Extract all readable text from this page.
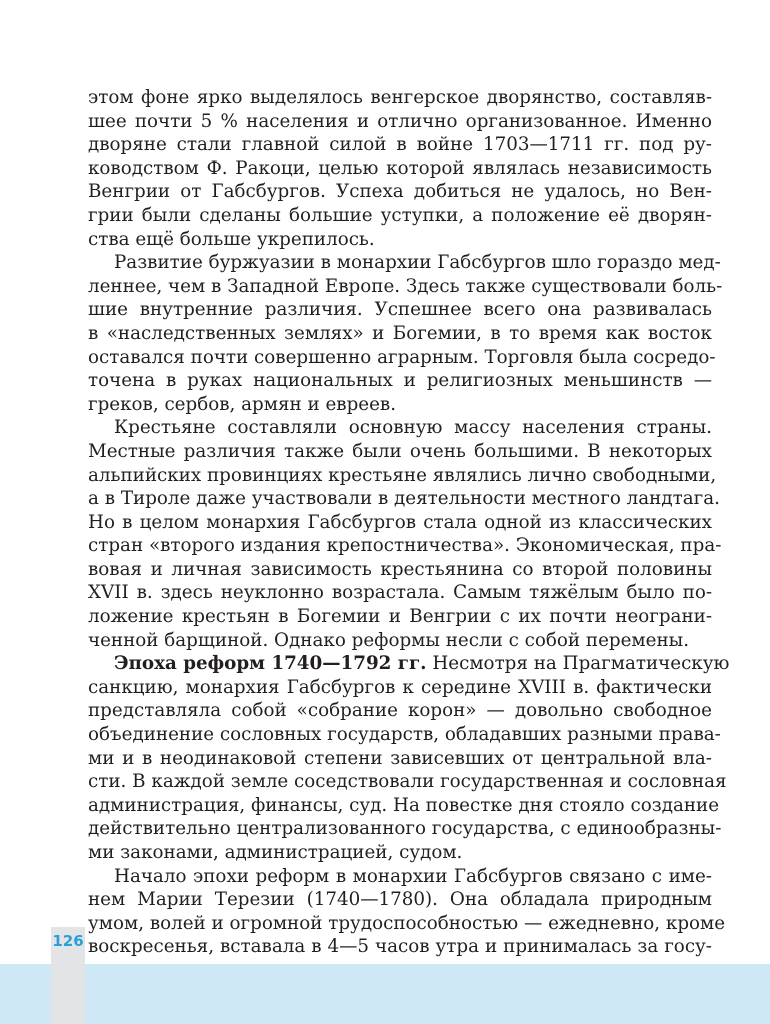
126
этом фоне ярко выделялось венгерское дворянство, составляв-
шее почти 5 % населения и отлично организованное. Именно
дворяне стали главной силой в войне 1703—1711 гг. под ру-
ководством Ф. Ракоци, целью которой являлась независимость
Венгрии от Габсбургов. Успеха добиться не удалось, но Вен-
грии были сделаны большие уступки, а положение её дворян-
ства ещё больше укрепилось.
Развитие буржуазии в монархии Габсбургов шло гораздо мед-
леннее, чем в Западной Европе. Здесь также существовали боль-
шие внутренние различия. Успешнее всего она развивалась
в «наследственных землях» и Богемии, в то время как восток
оставался почти совершенно аграрным. Торговля была сосредо-
точена в руках национальных и религиозных меньшинств —
греков, сербов, армян и евреев.
Крестьяне составляли основную массу населения страны.
Местные различия также были очень большими. В некоторых
альпийских провинциях крестьяне являлись лично свободными,
а в Тироле даже участвовали в деятельности местного ландтага.
Но в целом монархия Габсбургов стала одной из классических
стран «второго издания крепостничества». Экономическая, пра-
вовая и личная зависимость крестьянина со второй половины
XVII в. здесь неуклонно возрастала. Самым тяжёлым было по-
ложение крестьян в Богемии и Венгрии с их почти неограни-
ченной барщиной. Однако реформы несли с собой перемены.
Эпоха реформ 1740—1792 гг. Несмотря на Прагматическую
санкцию, монархия Габсбургов к середине XVIII в. фактически
представляла собой «собрание корон» — довольно свободное
объединение сословных государств, обладавших разными права-
ми и в неодинаковой степени зависевших от центральной вла-
сти. В каждой земле соседствовали государственная и сословная
администрация, финансы, суд. На повестке дня стояло создание
действительно централизованного государства, с единообразны-
ми законами, администрацией, судом.
Начало эпохи реформ в монархии Габсбургов связано с име-
нем Марии Терезии (1740—1780). Она обладала природным
умом, волей и огромной трудоспособностью — ежедневно, кроме
воскресенья, вставала в 4—5 часов утра и принималась за госу-
